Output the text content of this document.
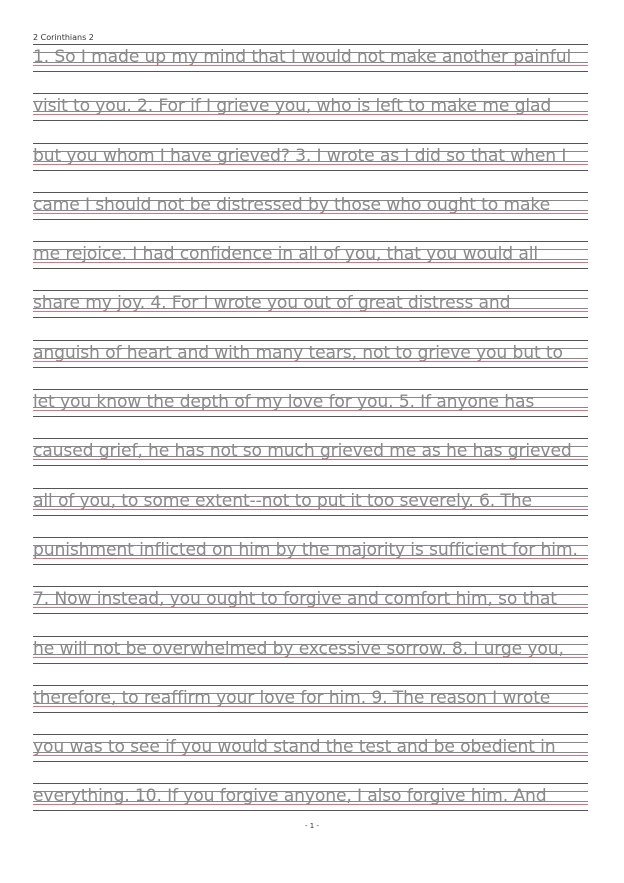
2 Corinthians 2
1. So I made up my mind that I would not make another painful
visit to you. 2. For if I grieve you, who is left to make me glad
but you whom I have grieved? 3. I wrote as I did so that when I
came I should not be distressed by those who ought to make
me rejoice. I had confidence in all of you, that you would all
share my joy. 4. For I wrote you out of great distress and
anguish of heart and with many tears, not to grieve you but to
let you know the depth of my love for you. 5. If anyone has
caused grief, he has not so much grieved me as he has grieved
all of you, to some extent--not to put it too severely. 6. The
punishment inflicted on him by the majority is sufficient for him.
7. Now instead, you ought to forgive and comfort him, so that
he will not be overwhelmed by excessive sorrow. 8. I urge you,
therefore, to reaffirm your love for him. 9. The reason I wrote
you was to see if you would stand the test and be obedient in
everything. 10. If you forgive anyone, I also forgive him. And
- 1 -
